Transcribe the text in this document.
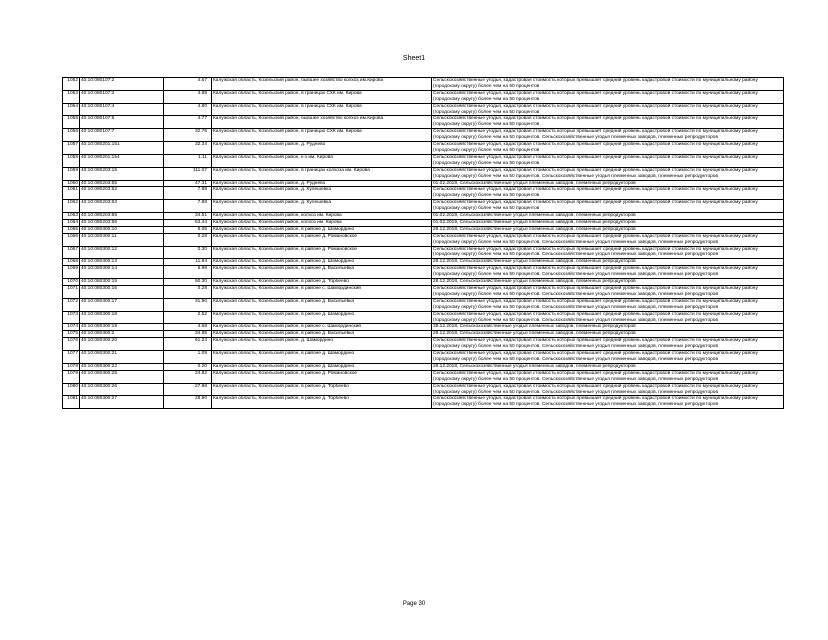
Sheet1
1052	40:10:080107:2	4.67	Калужская область, Козельский район, бывшее хозяйство колхоз им.Кирова	Сельскохозяйственные угодья, кадастровая стоимость которых превышает средний уровень кадастровой стоимости по муниципальному району (городскому округу) более чем на 50 процентов
1053	40:10:080107:3	4.89	Калужская область, Козельский район, в границах СХК им. Кирова	Сельскохозяйственные угодья, кадастровая стоимость которых превышает средний уровень кадастровой стоимости по муниципальному району (городскому округу) более чем на 50 процентов
1054	40:10:080107:4	4.80	Калужская область, Козельский район, в границах СХК им. Кирова	Сельскохозяйственные угодья, кадастровая стоимость которых превышает средний уровень кадастровой стоимости по муниципальному району (городскому округу) более чем на 50 процентов
1055	40:10:080107:5	4.77	Калужская область, Козельский район, бывшее хозяйство колхоз им.Кирова	Сельскохозяйственные угодья, кадастровая стоимость которых превышает средний уровень кадастровой стоимости по муниципальному району (городскому округу) более чем на 50 процентов
1056	40:10:080107:7	32.76	Калужская область, Козельский район, в границах СХК им. Кирова	Сельскохозяйственные угодья, кадастровая стоимость которых превышает средний уровень кадастровой стоимости по муниципальному району (городскому округу) более чем на 50 процентов. Сельскохозяйственные угодья племенных заводов, племенных репродукторов
1057	40:10:080201:151	32.34	Калужская область, Козельский район, д. Руднево	Сельскохозяйственные угодья, кадастровая стоимость которых превышает средний уровень кадастровой стоимости по муниципальному району (городскому округу) более чем на 50 процентов
1058	40:10:080201:154	1.11	Калужская область, Козельский район, к-з им. Кирова	Сельскохозяйственные угодья, кадастровая стоимость которых превышает средний уровень кадастровой стоимости по муниципальному району (городскому округу) более чем на 50 процентов
1059	40:10:080203:15	111.07	Калужская область, Козельский район, в границах колхоза им. Кирова	Сельскохозяйственные угодья, кадастровая стоимость которых превышает средний уровень кадастровой стоимости по муниципальному району (городскому округу) более чем на 50 процентов. Сельскохозяйственные угодья племенных заводов, племенных репродукторов
1060	40:10:080203:55	47.31	Калужская область, Козельский район, д. Руднево	01.02.2019, Сельскохозяйственные угодья племенных заводов, племенных репродукторов
1061	40:10:080203:62	7.88	Калужская область, Козельский район, д. Кулешевка	Сельскохозяйственные угодья, кадастровая стоимость которых превышает средний уровень кадастровой стоимости по муниципальному району (городскому округу) более чем на 50 процентов
1062	40:10:080203:63	7.88	Калужская область, Козельский район, д. Кулешевка	Сельскохозяйственные угодья, кадастровая стоимость которых превышает средний уровень кадастровой стоимости по муниципальному району (городскому округу) более чем на 50 процентов
1063	40:10:080203:65	34.51	Калужская область, Козельский район, колхоз им. Кирова	01.02.2019, Сельскохозяйственные угодья племенных заводов, племенных репродукторов
1064	40:10:080203:66	53.44	Калужская область, Козельский район, колхоз им. Кирова	01.02.2019, Сельскохозяйственные угодья племенных заводов, племенных репродукторов
1065	40:10:080300:10	6.05	Калужская область, Козельский район, в районе д. Шамордино	28.12.2018, Сельскохозяйственные угодья племенных заводов, племенных репродукторов
1066	40:10:080300:11	0.28	Калужская область, Козельский район, в районе д. Романовское	Сельскохозяйственные угодья, кадастровая стоимость которых превышает средний уровень кадастровой стоимости по муниципальному району (городскому округу) более чем на 50 процентов. Сельскохозяйственные угодья племенных заводов, племенных репродукторов
1067	40:10:080300:12	0.30	Калужская область, Козельский район, в районе д. Романовское	Сельскохозяйственные угодья, кадастровая стоимость которых превышает средний уровень кадастровой стоимости по муниципальному району (городскому округу) более чем на 50 процентов. Сельскохозяйственные угодья племенных заводов, племенных репродукторов
1068	40:10:080300:13	11.84	Калужская область, Козельский район, в районе д. Шамордино	28.12.2018, Сельскохозяйственные угодья племенных заводов, племенных репродукторов
1069	40:10:080300:14	5.98	Калужская область, Козельский район, в районе д. Васильевка	Сельскохозяйственные угодья, кадастровая стоимость которых превышает средний уровень кадастровой стоимости по муниципальному району (городскому округу) более чем на 50 процентов. Сельскохозяйственные угодья племенных заводов, племенных репродукторов
1070	40:10:080300:15	50.30	Калужская область, Козельский район, в районе д. Торбеево	28.12.2018, Сельскохозяйственные угодья племенных заводов, племенных репродукторов
1071	40:10:080300:16	0.28	Калужская область, Козельский район, в районе с. Шамординский	Сельскохозяйственные угодья, кадастровая стоимость которых превышает средний уровень кадастровой стоимости по муниципальному району (городскому округу) более чем на 50 процентов. Сельскохозяйственные угодья племенных заводов, племенных репродукторов
1072	40:10:080300:17	31.90	Калужская область, Козельский район, в районе д. Васильевка	Сельскохозяйственные угодья, кадастровая стоимость которых превышает средний уровень кадастровой стоимости по муниципальному району (городскому округу) более чем на 50 процентов. Сельскохозяйственные угодья племенных заводов, племенных репродукторов
1073	40:10:080300:18	2.52	Калужская область, Козельский район, в районе д. Шамордино	Сельскохозяйственные угодья, кадастровая стоимость которых превышает средний уровень кадастровой стоимости по муниципальному району (городскому округу) более чем на 50 процентов. Сельскохозяйственные угодья племенных заводов, племенных репродукторов
1074	40:10:080300:19	4.58	Калужская область, Козельский район, в районе с. Шамординский	28.12.2018, Сельскохозяйственные угодья племенных заводов, племенных репродукторов
1075	40:10:080300:2	34.95	Калужская область, Козельский район, в районе д. Васильевка	28.12.2018, Сельскохозяйственные угодья племенных заводов, племенных репродукторов
1076	40:10:080300:20	61.24	Калужская область, Козельский район, д. Шамордино	Сельскохозяйственные угодья, кадастровая стоимость которых превышает средний уровень кадастровой стоимости по муниципальному району (городскому округу) более чем на 50 процентов. Сельскохозяйственные угодья племенных заводов, племенных репродукторов
1077	40:10:080300:21	1.09	Калужская область, Козельский район, в районе д. Шамордино	Сельскохозяйственные угодья, кадастровая стоимость которых превышает средний уровень кадастровой стоимости по муниципальному району (городскому округу) более чем на 50 процентов. Сельскохозяйственные угодья племенных заводов, племенных репродукторов
1078	40:10:080300:22	0.20	Калужская область, Козельский район, в районе д. Шамордино	28.12.2018, Сельскохозяйственные угодья племенных заводов, племенных репродукторов
1079	40:10:080300:25	24.82	Калужская область, Козельский район, в районе д. Романовское	Сельскохозяйственные угодья, кадастровая стоимость которых превышает средний уровень кадастровой стоимости по муниципальному району (городскому округу) более чем на 50 процентов. Сельскохозяйственные угодья племенных заводов, племенных репродукторов
1080	40:10:080300:26	27.98	Калужская область, Козельский район, в районе д. Торбеево	Сельскохозяйственные угодья, кадастровая стоимость которых превышает средний уровень кадастровой стоимости по муниципальному району (городскому округу) более чем на 50 процентов. Сельскохозяйственные угодья племенных заводов, племенных репродукторов
1081	40:10:080300:27	28.90	Калужская область, Козельский район, в районе д. Торбеево	Сельскохозяйственные угодья, кадастровая стоимость которых превышает средний уровень кадастровой стоимости по муниципальному району (городскому округу) более чем на 50 процентов. Сельскохозяйственные угодья племенных заводов, племенных репродукторов
Page 30
